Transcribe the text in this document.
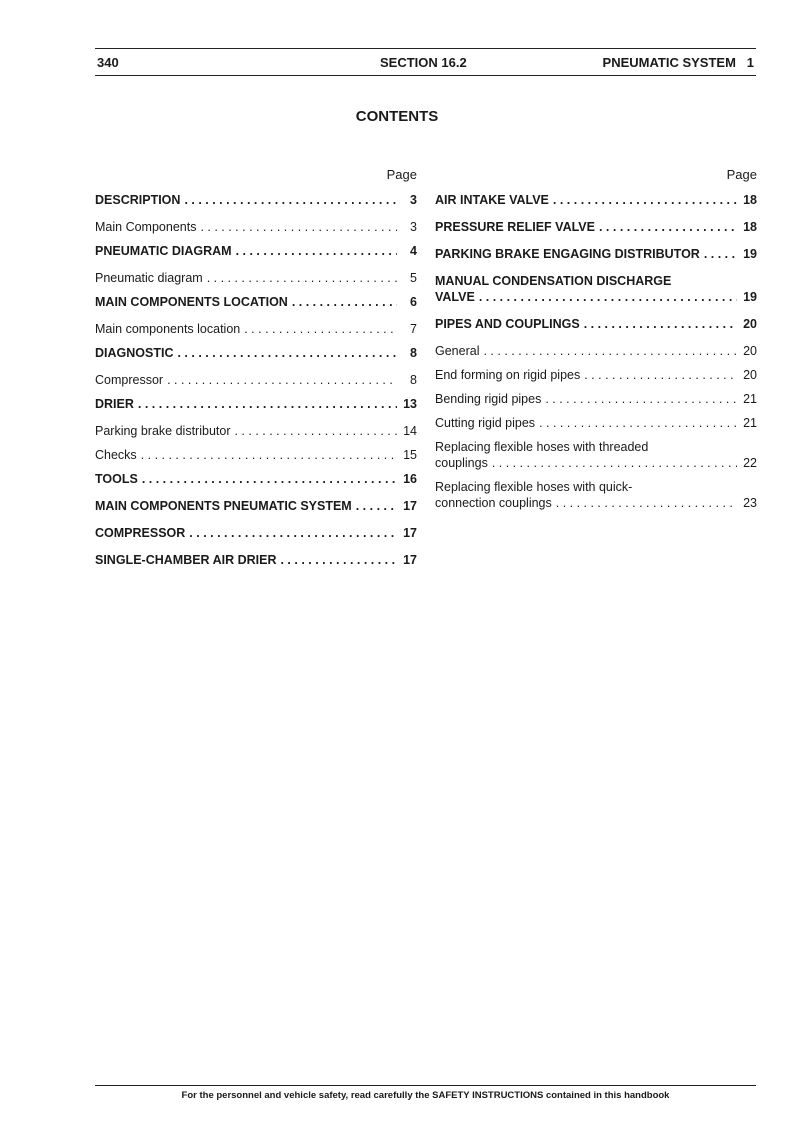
340	SECTION 16.2	PNEUMATIC SYSTEM 1
CONTENTS
Page
DESCRIPTION . . .	3
Main Components . . .	3
PNEUMATIC DIAGRAM . . .	4
Pneumatic diagram . . .	5
MAIN COMPONENTS LOCATION . . .	6
Main components location . . .	7
DIAGNOSTIC . . .	8
Compressor . . .	8
DRIER . . .	13
Parking brake distributor . . .	14
Checks . . .	15
TOOLS . . .	16
MAIN COMPONENTS PNEUMATIC SYSTEM . . .	17
COMPRESSOR . . .	17
SINGLE-CHAMBER AIR DRIER . . .	17
Page
AIR INTAKE VALVE . . .	18
PRESSURE RELIEF VALVE . . .	18
PARKING BRAKE ENGAGING DISTRIBUTOR . . .	19
MANUAL CONDENSATION DISCHARGE
VALVE . . .	19
PIPES AND COUPLINGS . . .	20
General . . .	20
End forming on rigid pipes . . .	20
Bending rigid pipes . . .	21
Cutting rigid pipes . . .	21
Replacing flexible hoses with threaded
couplings . . .	22
Replacing flexible hoses with quick-
connection couplings . . .	23
For the personnel and vehicle safety, read carefully the SAFETY INSTRUCTIONS contained in this handbook
